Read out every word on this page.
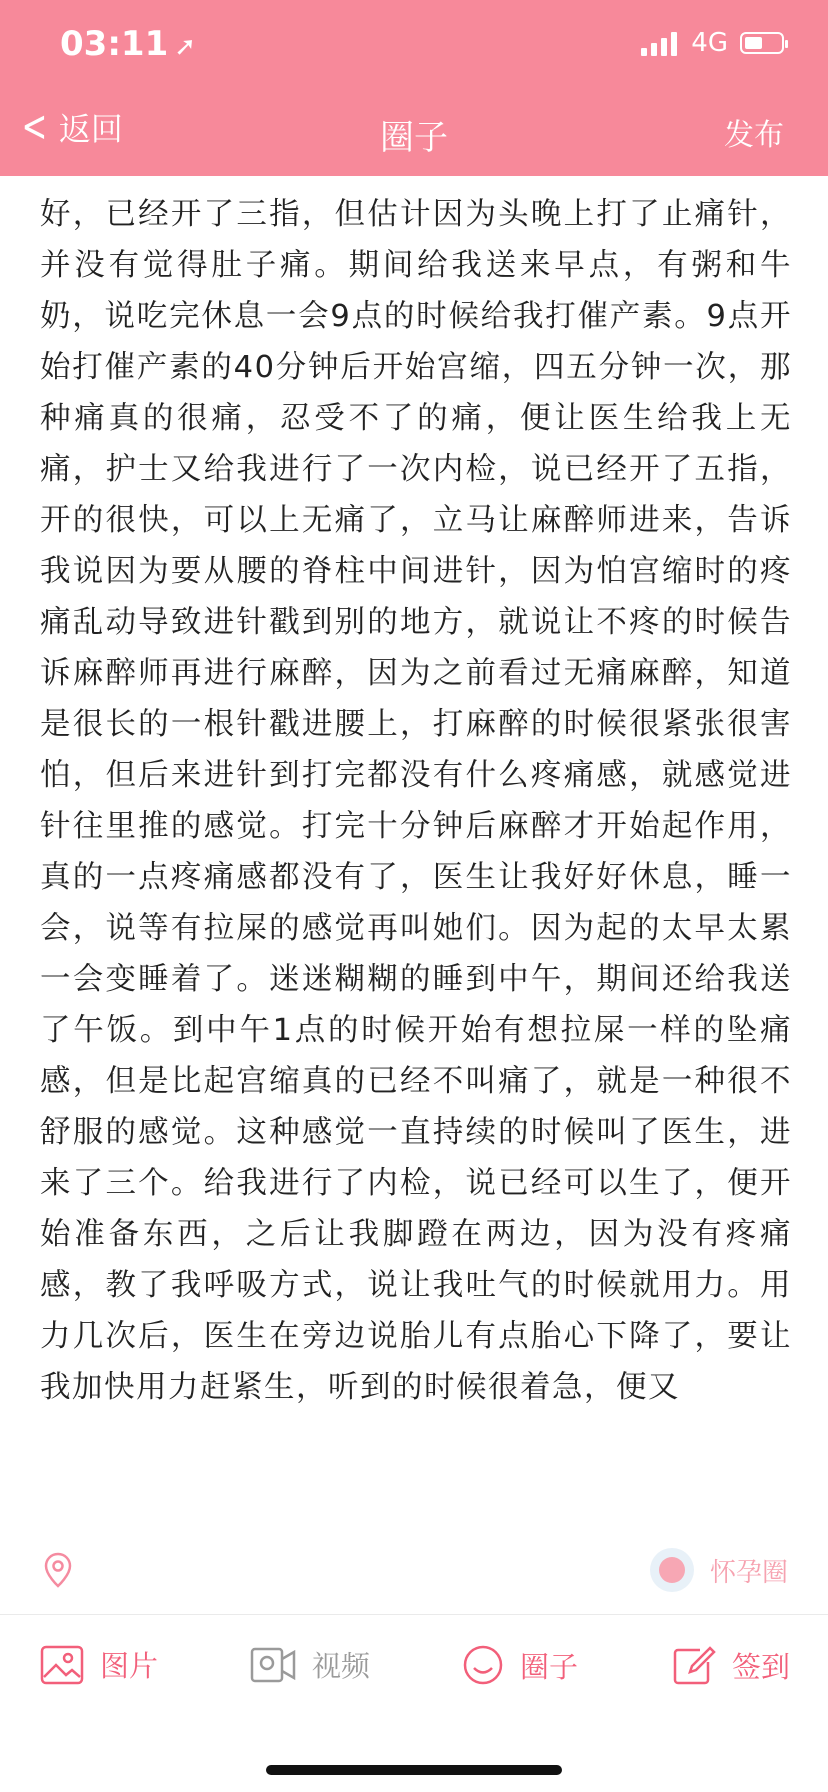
03:11 ➚	4G
< 返回	圈子	发布

好，已经开了三指，但估计因为头晚上打了止痛针，并没有觉得肚子痛。期间给我送来早点，有粥和牛奶，说吃完休息一会9点的时候给我打催产素。9点开始打催产素的40分钟后开始宫缩，四五分钟一次，那种痛真的很痛，忍受不了的痛，便让医生给我上无痛，护士又给我进行了一次内检，说已经开了五指，开的很快，可以上无痛了，立马让麻醉师进来，告诉我说因为要从腰的脊柱中间进针，因为怕宫缩时的疼痛乱动导致进针戳到别的地方，就说让不疼的时候告诉麻醉师再进行麻醉，因为之前看过无痛麻醉，知道是很长的一根针戳进腰上，打麻醉的时候很紧张很害怕，但后来进针到打完都没有什么疼痛感，就感觉进针往里推的感觉。打完十分钟后麻醉才开始起作用，真的一点疼痛感都没有了，医生让我好好休息，睡一会，说等有拉屎的感觉再叫她们。因为起的太早太累一会变睡着了。迷迷糊糊的睡到中午，期间还给我送了午饭。到中午1点的时候开始有想拉屎一样的坠痛感，但是比起宫缩真的已经不叫痛了，就是一种很不舒服的感觉。这种感觉一直持续的时候叫了医生，进来了三个。给我进行了内检，说已经可以生了，便开始准备东西，之后让我脚蹬在两边，因为没有疼痛感，教了我呼吸方式，说让我吐气的时候就用力。用力几次后，医生在旁边说胎儿有点胎心下降了，要让我加快用力赶紧生，听到的时候很着急，便又

怀孕圈
图片	视频	圈子	签到
